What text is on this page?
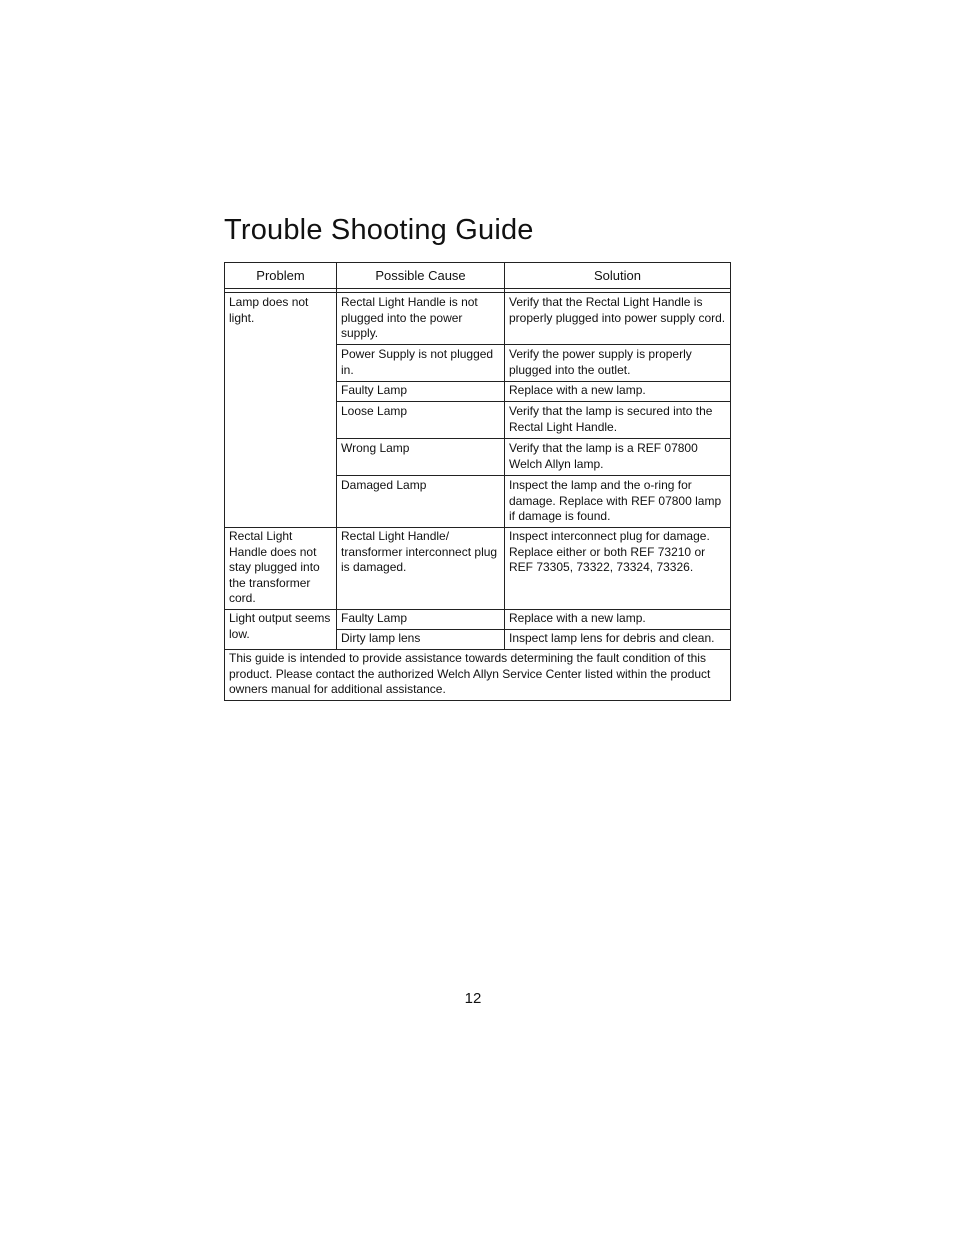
Trouble Shooting Guide
Problem	Possible Cause	Solution

Lamp does not light.	Rectal Light Handle is not plugged into the power supply.	Verify that the Rectal Light Handle is properly plugged into power supply cord.
	Power Supply is not plugged in.	Verify the power supply is properly plugged into the outlet.
	Faulty Lamp	Replace with a new lamp.
	Loose Lamp	Verify that the lamp is secured into the Rectal Light Handle.
	Wrong Lamp	Verify that the lamp is a REF 07800 Welch Allyn lamp.
	Damaged Lamp	Inspect the lamp and the o-ring for damage. Replace with REF 07800 lamp if damage is found.
Rectal Light Handle does not stay plugged into the transformer cord.	Rectal Light Handle/ transformer interconnect plug is damaged.	Inspect interconnect plug for damage. Replace either or both REF 73210 or REF 73305, 73322, 73324, 73326.
Light output seems low.	Faulty Lamp	Replace with a new lamp.
	Dirty lamp lens	Inspect lamp lens for debris and clean.
This guide is intended to provide assistance towards determining the fault condition of this product. Please contact the authorized Welch Allyn Service Center listed within the product owners manual for additional assistance.		
12
